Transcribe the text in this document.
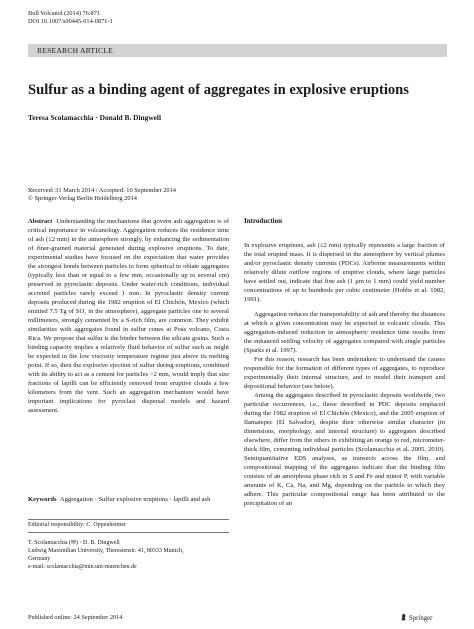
Bull Volcanol (2014) 76:871
DOI 10.1007/s00445-014-0871-1
RESEARCH ARTICLE
Sulfur as a binding agent of aggregates in explosive eruptions
Teresa Scolamacchia · Donald B. Dingwell
Received: 31 March 2014 / Accepted: 10 September 2014
© Springer-Verlag Berlin Heidelberg 2014

Abstract Understanding the mechanisms that govern ash aggregation is of critical importance in volcanology. Aggregation reduces the residence time of ash (≤2 mm) in the atmosphere strongly, by enhancing the sedimentation of finer-grained material generated during explosive eruptions. To date, experimental studies have focused on the expectation that water provides the strongest bonds between particles to form spherical to oblate aggregates (typically less than or equal to a few mm, occasionally up to several cm) preserved in pyroclastic deposits. Under water-rich conditions, individual accreted particles rarely exceed 1 mm. In pyroclastic density current deposits produced during the 1982 eruption of El Chichón, Mexico (which emitted 7.5 Tg of SO₂ in the atmosphere), aggregate particles one to several millimeters, strongly cemented by a S-rich film, are common. They exhibit similarities with aggregates found in sulfur cones at Poás volcano, Costa Rica. We propose that sulfur is the binder between the silicate grains. Such a binding capacity implies a relatively fluid behavior of sulfur such as might be expected in the low viscosity temperature regime just above its melting point. If so, then the explosive ejection of sulfur during eruptions, combined with its ability to act as a cement for particles >2 mm, would imply that size fractions of lapilli can be efficiently removed from eruptive clouds a few kilometers from the vent. Such an aggregation mechanism would have important implications for pyroclast dispersal models and hazard assessment.

Keywords Aggregation · Sulfur explosive eruptions · lapilli and ash
Editorial responsibility: C. Oppenheimer
T. Scolamacchia (✉) · D. B. Dingwell
Ludwig Maximilian University, Theresienstr. 41, 80333 Munich,
Germany
e-mail: scolamacchia@min.uni-muenchen.de
Introduction

In explosive eruptions, ash (≤2 mm) typically represents a large fraction of the total erupted mass. It is dispersed in the atmosphere by vertical plumes and/or pyroclastic density currents (PDCs). Airborne measurements within relatively dilute outflow regions of eruptive clouds, where large particles have settled out, indicate that fine ash (1 μm to 1 mm) could yield number concentrations of up to hundreds per cubic centimeter (Hobbs et al. 1982, 1991).

Aggregation reduces the transportability of ash and thereby the distances at which a given concentration may be expected in volcanic clouds. This aggregation-induced reduction in atmospheric residence time results from the enhanced settling velocity of aggregates compared with single particles (Sparks et al. 1997).

For this reason, research has been undertaken: to understand the causes responsible for the formation of different types of aggregates, to reproduce experimentally their internal structure, and to model their transport and depositional behavior (see below).

Among the aggregates described in pyroclastic deposits worldwide, two particular occurrences, i.e., those described in PDC deposits emplaced during the 1982 eruption of El Chichón (Mexico), and the 2005 eruption of Ilamatepec (El Salvador), despite their otherwise similar character (in dimensions, morphology, and internal structure) to aggregates described elsewhere, differ from the others in exhibiting an orange to red, micrometer-thick film, cementing individual particles (Scolamacchia et al. 2005, 2010). Semiquantitative EDS analyses, as transects across the film, and compositional mapping of the aggregates indicate that the binding film consists of an amorphous phase rich in S and Fe and minor P, with variable amounts of K, Ca, Na, and Mg, depending on the particle to which they adhere. This particular compositional range has been attributed to the precipitation of an

Published online: 24 September 2014	Springer
